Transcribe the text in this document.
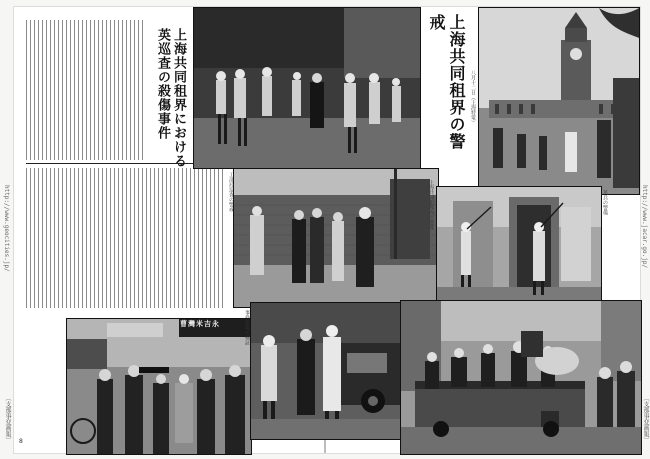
http://www.geocities.jp/
〔支那事変画報〕
http://www.jacar.go.jp/
〔支那事変画報〕
上海共同租界における英巡査の殺傷事件	上海共同租界の警戒
八月十二日（上海特電）
工部局巡査の警戒	英兵の警備
曹灣米吉永	事件現場の検証
上海共同租界内の警戒
8
